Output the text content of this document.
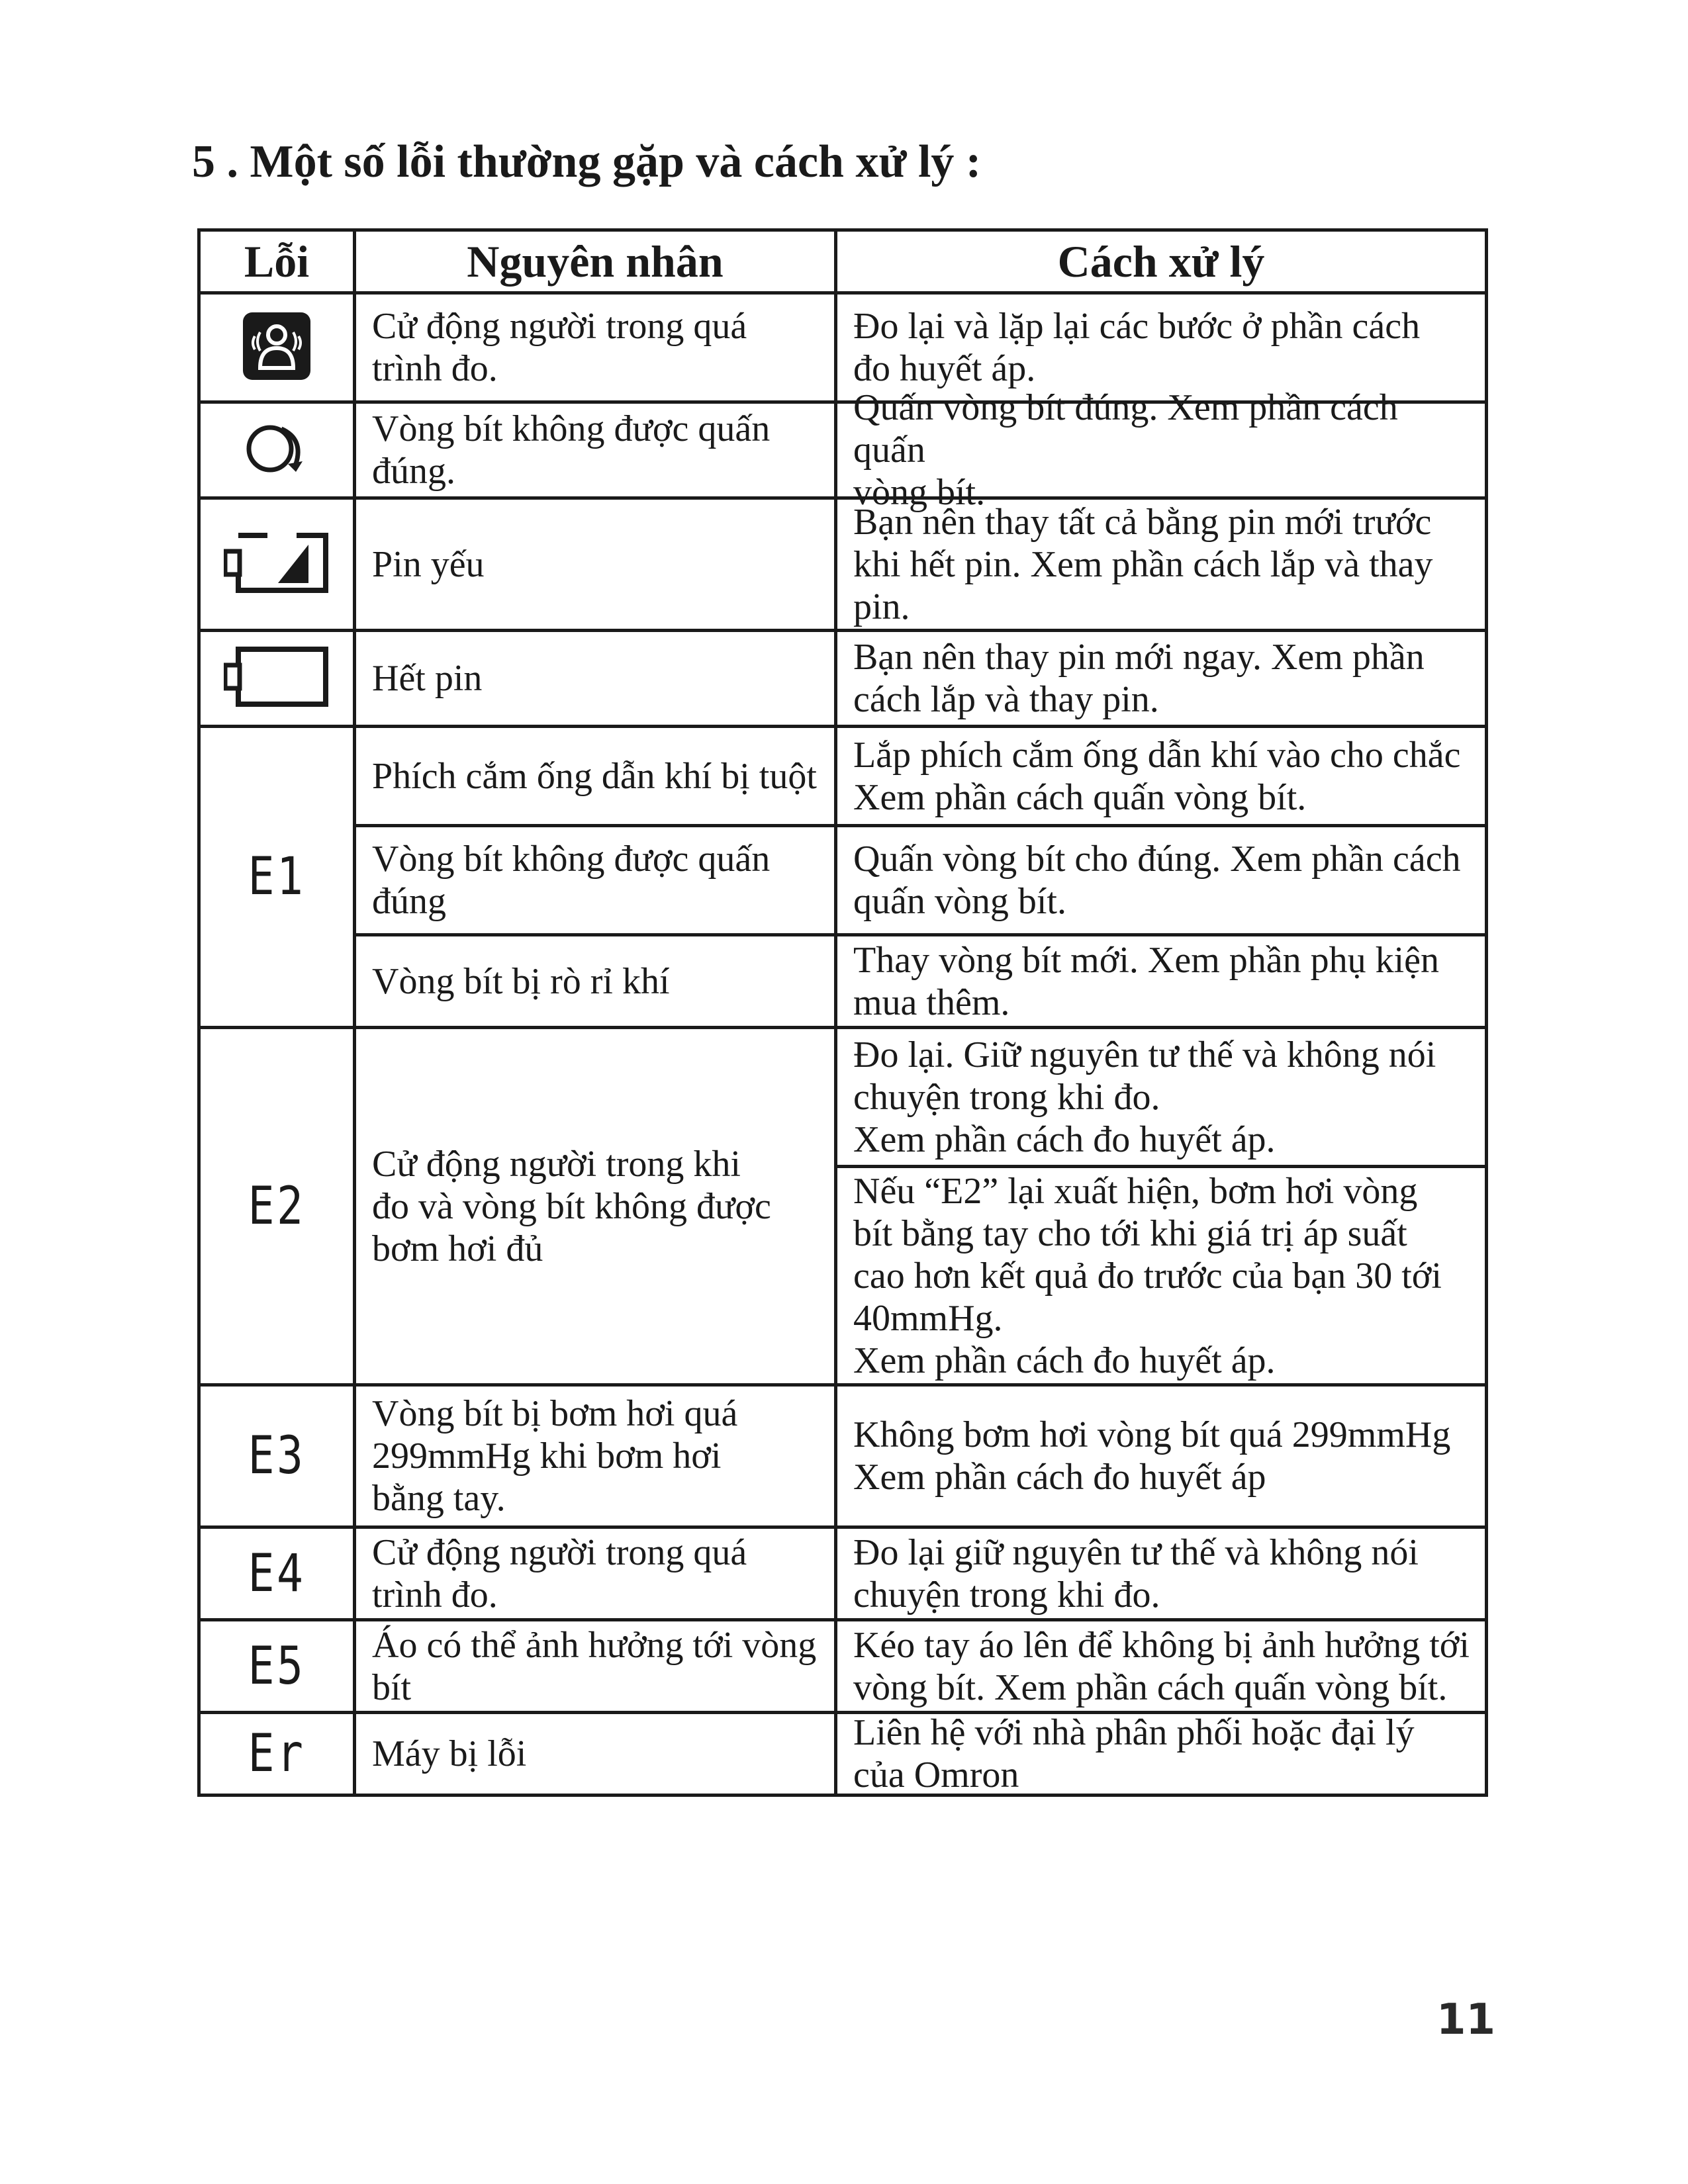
5 . Một số lỗi thường gặp và cách xử lý :
Lỗi	Nguyên nhân	Cách xử lý
E1
E2
E3
E4
E5
Er
Cử động người trong quá
trình đo.
Vòng bít không được quấn
đúng.
Pin yếu
Hết pin
Phích cắm ống dẫn khí bị tuột
Vòng bít không được quấn
đúng
Vòng bít bị rò rỉ khí
Cử động người trong khi
đo và vòng bít không được
bơm hơi đủ
Vòng bít bị bơm hơi quá
299mmHg khi bơm hơi
bằng tay.
Cử động người trong quá
trình đo.
Áo có thể ảnh hưởng tới vòng
bít
Máy bị lỗi
Đo lại và lặp lại các bước ở phần cách
đo huyết áp.
Quấn vòng bít đúng. Xem phần cách quấn
vòng bít.
Bạn nên thay tất cả bằng pin mới trước
khi hết pin. Xem phần cách lắp và thay
pin.
Bạn nên thay pin mới ngay. Xem phần
cách lắp và thay pin.
Lắp phích cắm ống dẫn khí vào cho chắc
Xem phần cách quấn vòng bít.
Quấn vòng bít cho đúng. Xem phần cách
quấn vòng bít.
Thay vòng bít mới. Xem phần phụ kiện
mua thêm.
Đo lại. Giữ nguyên tư thế và không nói
chuyện trong khi đo.
Xem phần cách đo huyết áp.
Nếu “E2” lại xuất hiện, bơm hơi vòng
bít bằng tay cho tới khi giá trị áp suất
cao hơn kết quả đo trước của bạn 30 tới
40mmHg.
Xem phần cách đo huyết áp.
Không bơm hơi vòng bít quá 299mmHg
Xem phần cách đo huyết áp
Đo lại giữ nguyên tư thế và không nói
chuyện trong khi đo.
Kéo tay áo lên để không bị ảnh hưởng tới
vòng bít. Xem phần cách quấn vòng bít.
Liên hệ với nhà phân phối hoặc đại lý
của Omron
11
